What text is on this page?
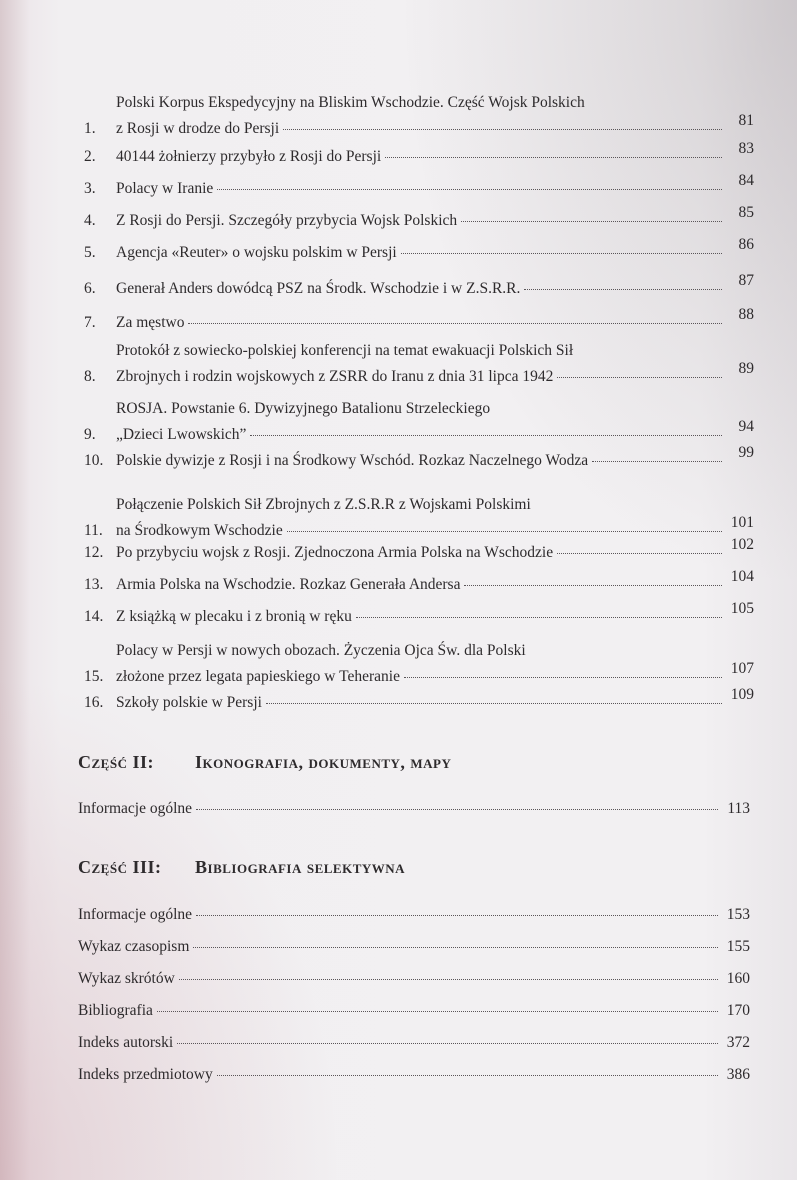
1.
Polski Korpus Ekspedycyjny na Bliskim Wschodzie. Część Wojsk Polskich
z Rosji w drodze do Persji	81
2.	40144 żołnierzy przybyło z Rosji do Persji	83
3.	Polacy w Iranie	84
4.	Z Rosji do Persji. Szczegóły przybycia Wojsk Polskich	85
5.	Agencja «Reuter» o wojsku polskim w Persji	86
6.	Generał Anders dowódcą PSZ na Środk. Wschodzie i w Z.S.R.R.	87
7.	Za męstwo	88
8.
Protokół z sowiecko-polskiej konferencji na temat ewakuacji Polskich Sił
Zbrojnych i rodzin wojskowych z ZSRR do Iranu z dnia 31 lipca 1942	89
9.
ROSJA. Powstanie 6. Dywizyjnego Batalionu Strzeleckiego
„Dzieci Lwowskich”	94
10. Polskie dywizje z Rosji i na Środkowy Wschód. Rozkaz Naczelnego Wodza	99
11.
Połączenie Polskich Sił Zbrojnych z Z.S.R.R z Wojskami Polskimi
na Środkowym Wschodzie	101
12. Po przybyciu wojsk z Rosji. Zjednoczona Armia Polska na Wschodzie	102
13. Armia Polska na Wschodzie. Rozkaz Generała Andersa	104
14. Z książką w plecaku i z bronią w ręku	105
15.
Polacy w Persji w nowych obozach. Życzenia Ojca Św. dla Polski
złożone przez legata papieskiego w Teheranie	107
16. Szkoły polskie w Persji	109
Część II: Ikonografia, dokumenty, mapy
Informacje ogólne	113
Część III: Bibliografia selektywna
Informacje ogólne	153
Wykaz czasopism	155
Wykaz skrótów	160
Bibliografia	170
Indeks autorski	372
Indeks przedmiotowy	386
